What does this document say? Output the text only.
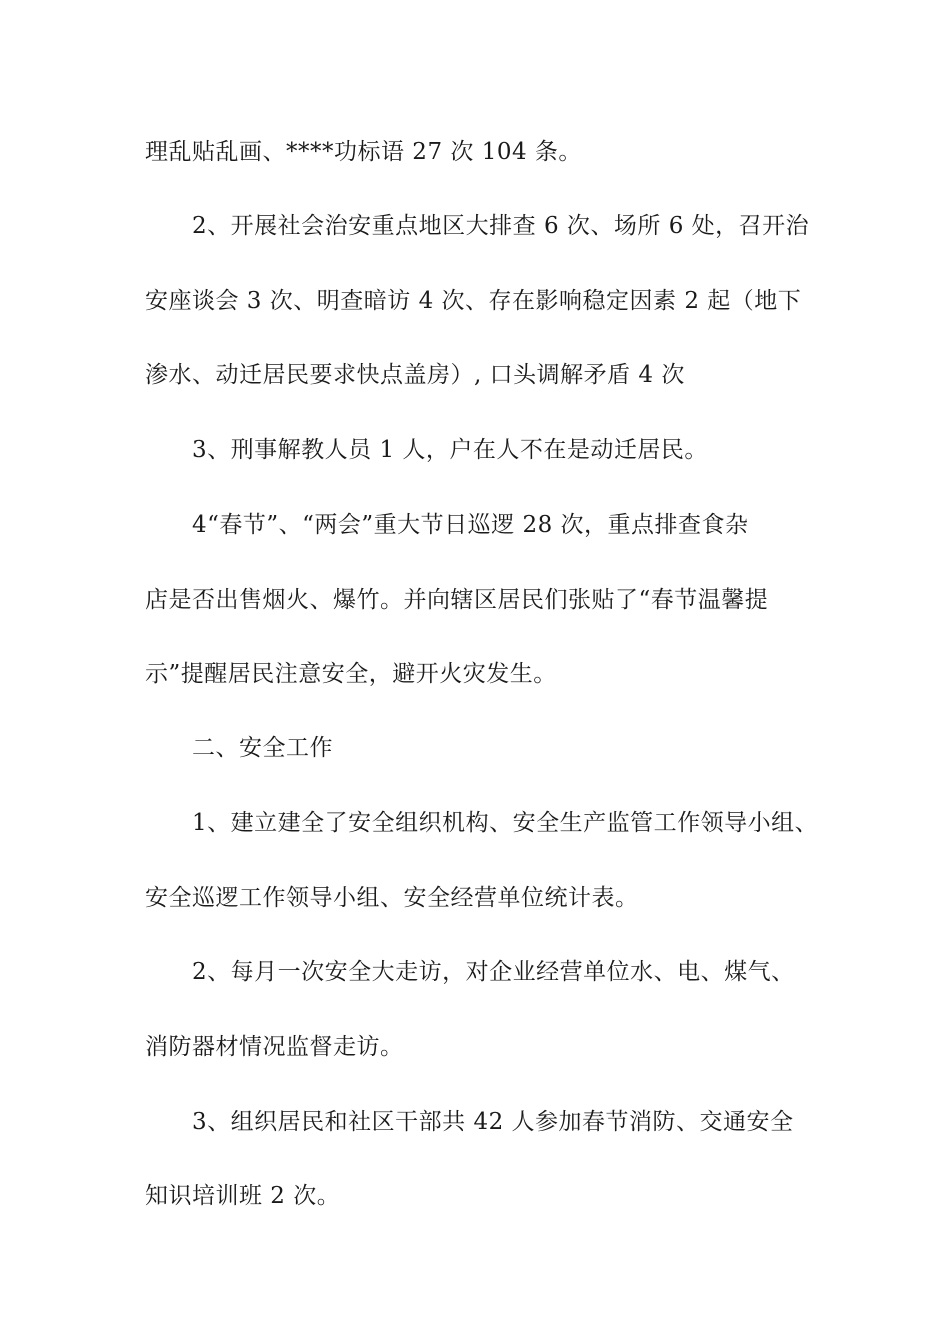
理乱贴乱画、****功标语 27 次 104 条。
2、开展社会治安重点地区大排查 6 次、场所 6 处，召开治
安座谈会 3 次、明查暗访 4 次、存在影响稳定因素 2 起（地下
渗水、动迁居民要求快点盖房）, 口头调解矛盾 4 次
3、刑事解教人员 1 人，户在人不在是动迁居民。
4“春节”、“两会”重大节日巡逻 28 次，重点排查食杂
店是否出售烟火、爆竹。并向辖区居民们张贴了“春节温馨提
示”提醒居民注意安全，避开火灾发生。
二、安全工作
1、建立建全了安全组织机构、安全生产监管工作领导小组、
安全巡逻工作领导小组、安全经营单位统计表。
2、每月一次安全大走访，对企业经营单位水、电、煤气、
消防器材情况监督走访。
3、组织居民和社区干部共 42 人参加春节消防、交通安全
知识培训班 2 次。
